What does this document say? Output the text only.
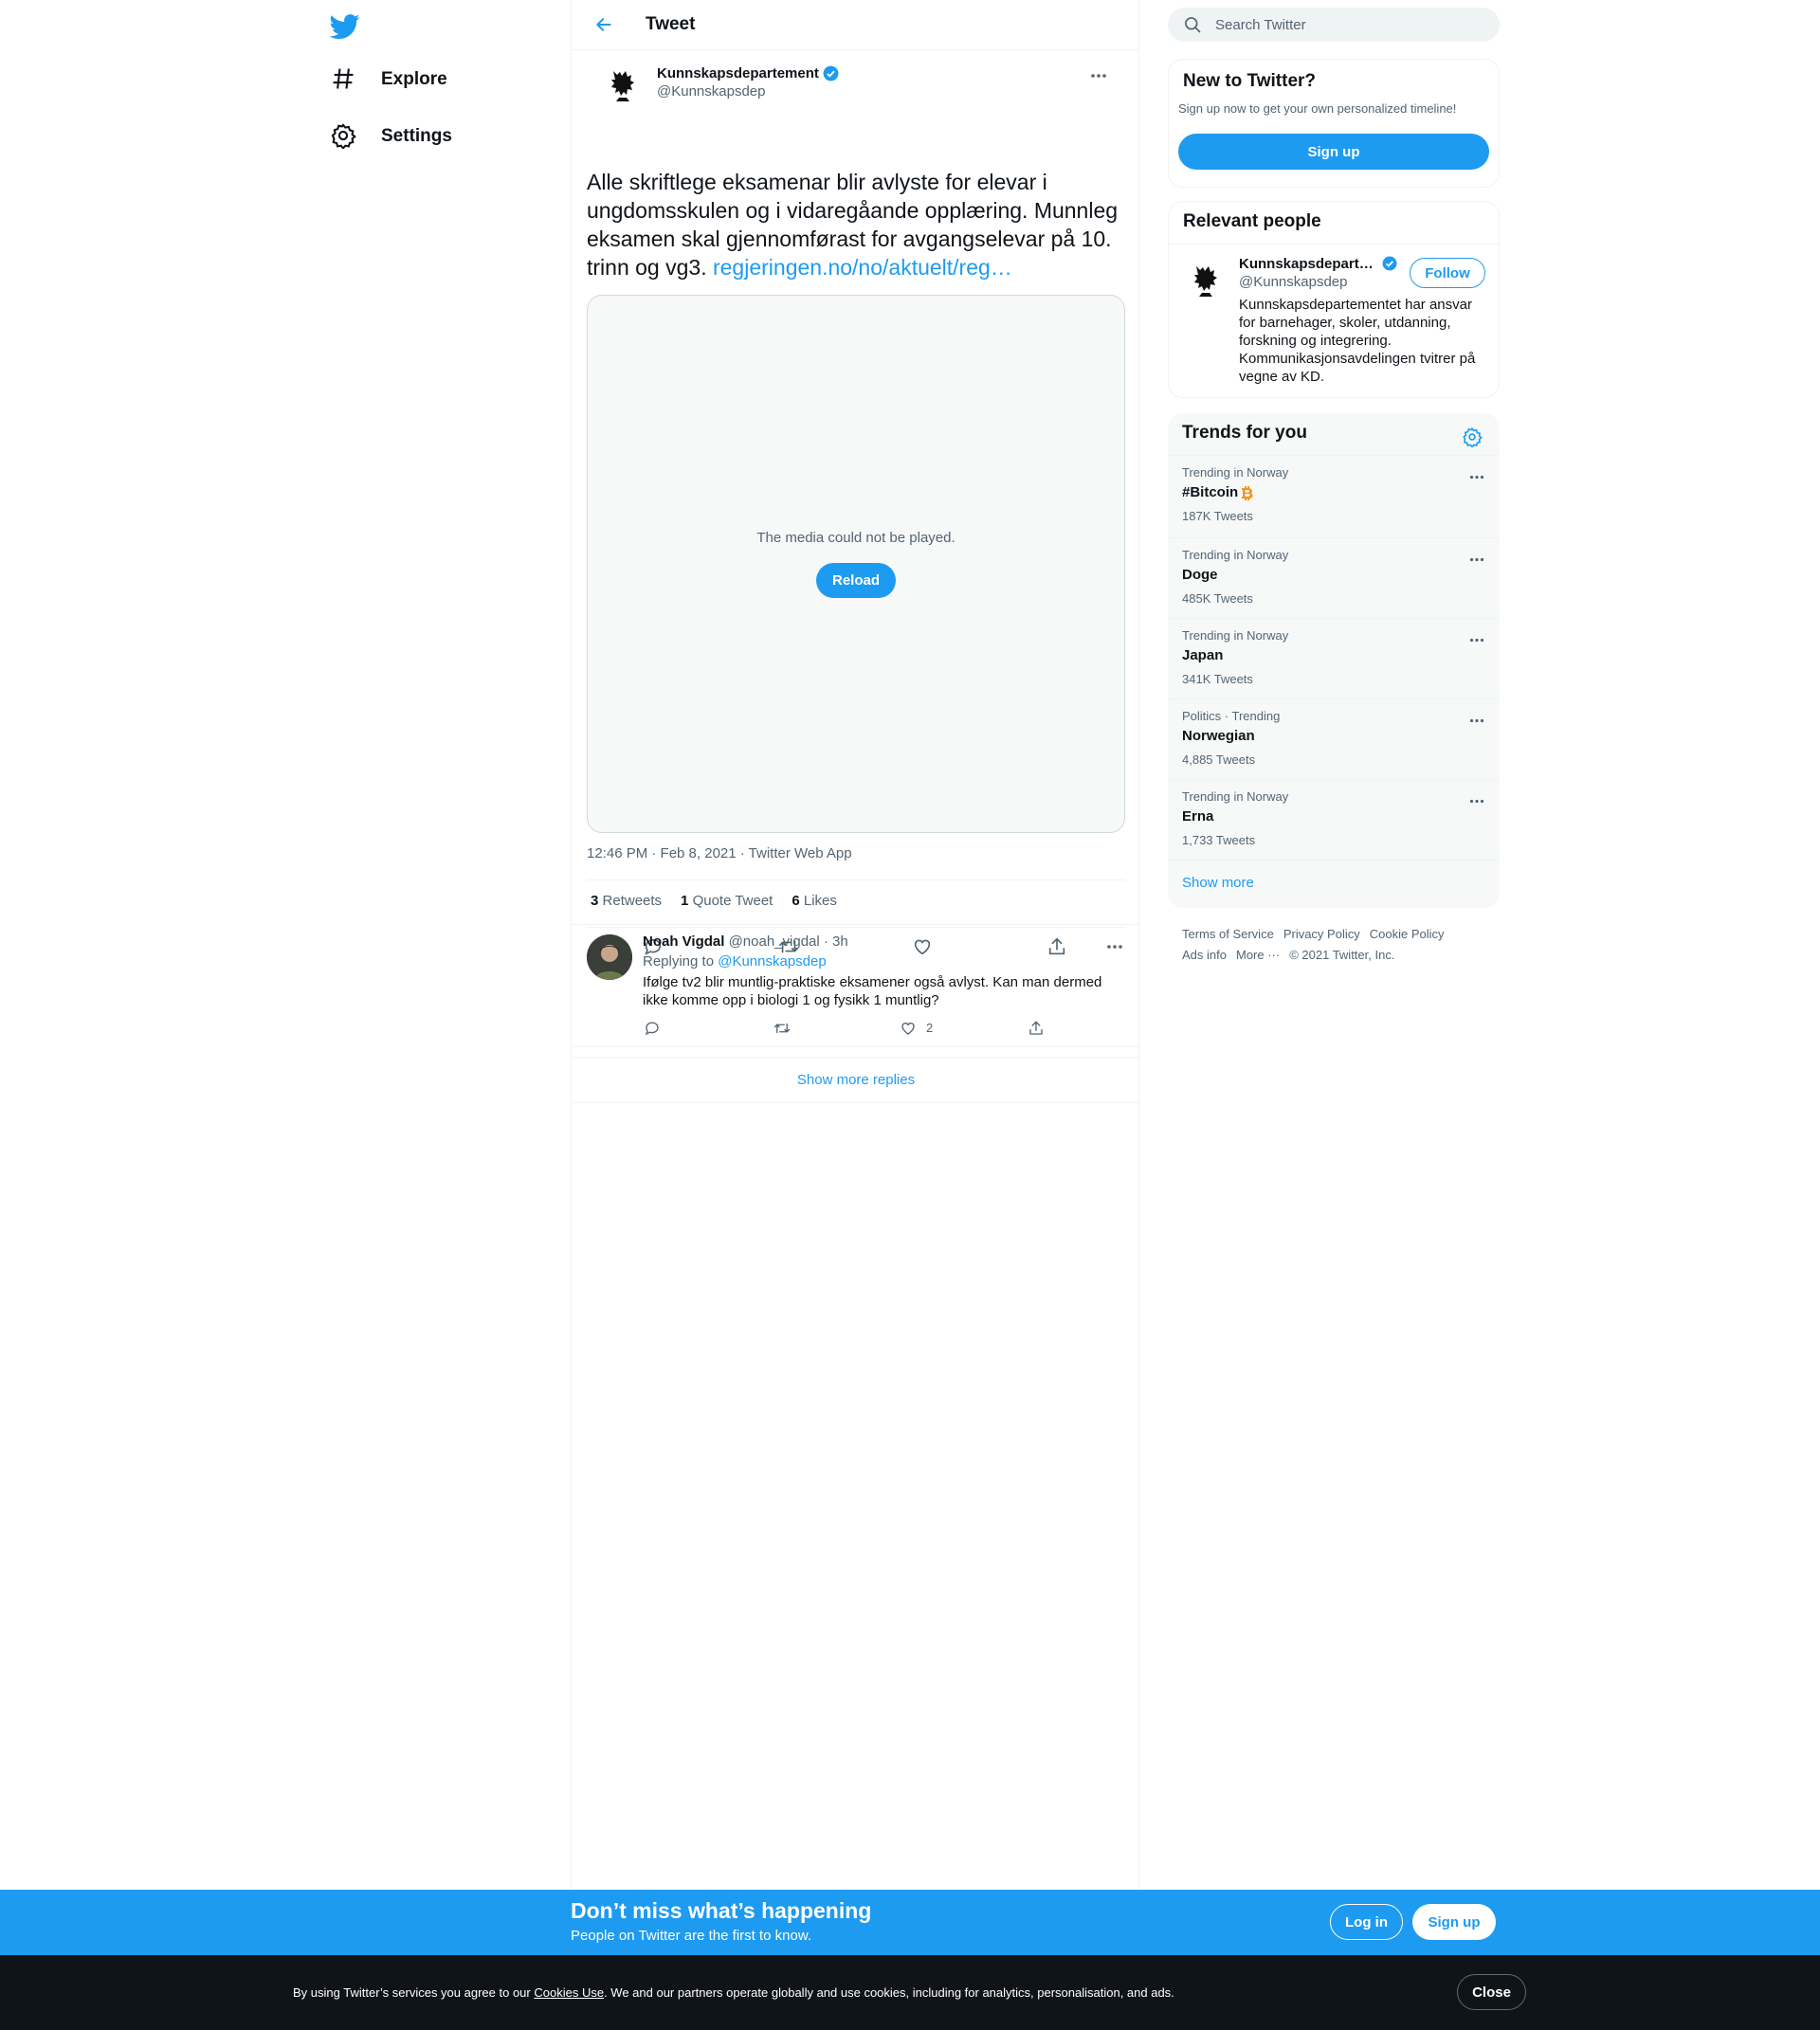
Explore
Settings
Tweet
Kunnskapsdepartement
@Kunnskapsdep
Alle skriftlege eksamenar blir avlyste for elevar i ungdomsskulen og i vidaregåande opplæring. Munnleg eksamen skal gjennomførast for avgangselevar på 10. trinn og vg3. regjeringen.no/no/aktuelt/reg…
The media could not be played.
Reload
12:46 PM · Feb 8, 2021 · Twitter Web App
3 Retweets 1 Quote Tweet 6 Likes
Noah Vigdal @noah_vigdal · 3h
Replying to @Kunnskapsdep
Ifølge tv2 blir muntlig-praktiske eksamener også avlyst. Kan man dermed ikke komme opp i biologi 1 og fysikk 1 muntlig?
2
Show more replies
Search Twitter
New to Twitter?
Sign up now to get your own personalized timeline!
Sign up
Relevant people
Kunnskapsdepart…
@Kunnskapsdep
Follow
Kunnskapsdepartementet har ansvar for barnehager, skoler, utdanning, forskning og integrering. Kommunikasjonsavdelingen tvitrer på vegne av KD.
Trends for you
Trending in Norway
#Bitcoin
187K Tweets
Trending in Norway
Doge
485K Tweets
Trending in Norway
Japan
341K Tweets
Politics · Trending
Norwegian
4,885 Tweets
Trending in Norway
Erna
1,733 Tweets
Show more
Terms of Service Privacy Policy Cookie Policy
Ads info More ··· © 2021 Twitter, Inc.
Don’t miss what’s happening
People on Twitter are the first to know.
Log in	Sign up
By using Twitter’s services you agree to our Cookies Use. We and our partners operate globally and use cookies, including for analytics, personalisation, and ads.	Close
